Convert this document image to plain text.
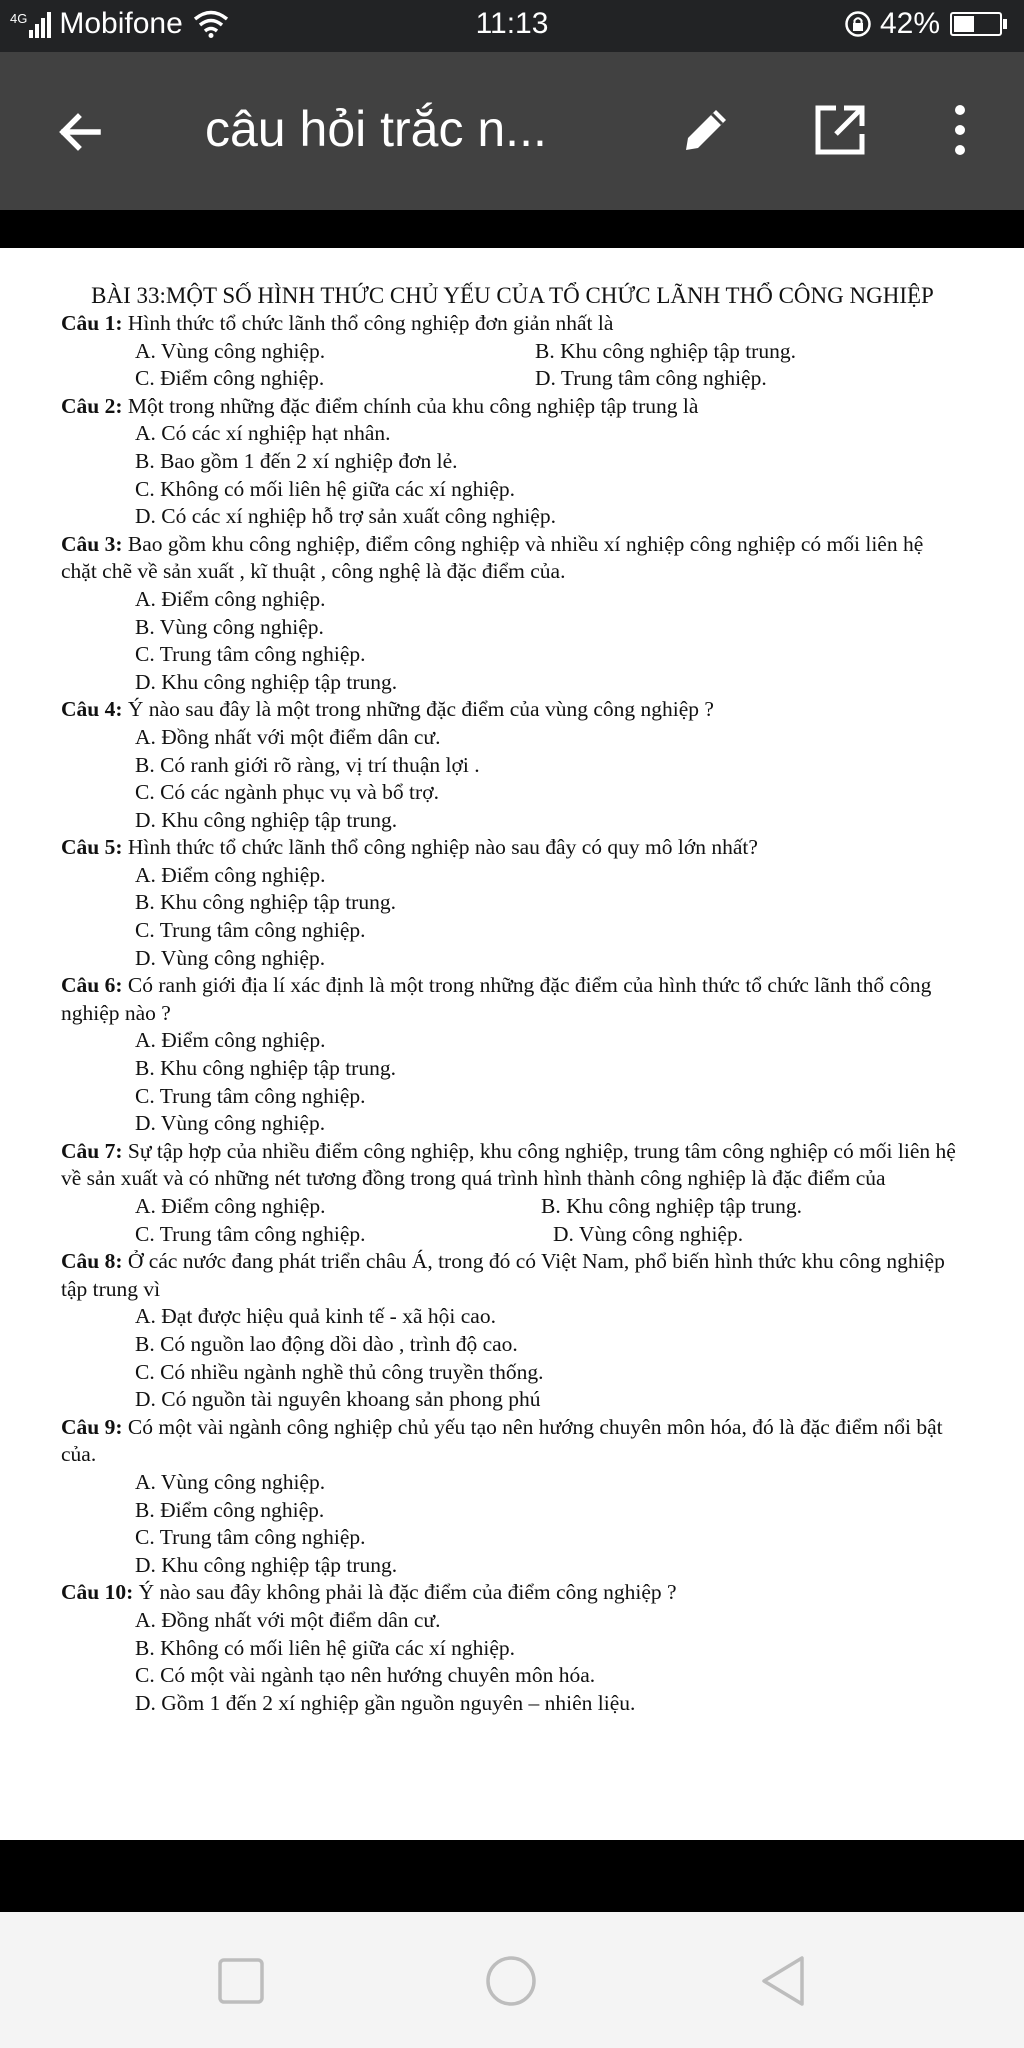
4G Mobifone	11:13	42%
câu hỏi trắc n...
BÀI 33:MỘT SỐ HÌNH THỨC CHỦ YẾU CỦA TỔ CHỨC LÃNH THỔ CÔNG NGHIỆP

Câu 1: Hình thức tổ chức lãnh thổ công nghiệp đơn giản nhất là

A. Vùng công nghiệp.	B. Khu công nghiệp tập trung.
C. Điểm công nghiệp.	D. Trung tâm công nghiệp.

Câu 2: Một trong những đặc điểm chính của khu công nghiệp tập trung là

A. Có các xí nghiệp hạt nhân.
B. Bao gồm 1 đến 2 xí nghiệp đơn lẻ.
C. Không có mối liên hệ giữa các xí nghiệp.
D. Có các xí nghiệp hỗ trợ sản xuất công nghiệp.

Câu 3: Bao gồm khu công nghiệp, điểm công nghiệp và nhiều xí nghiệp công nghiệp có mối liên hệ chặt chẽ về sản xuất , kĩ thuật , công nghệ là đặc điểm của.

A. Điểm công nghiệp.
B. Vùng công nghiệp.
C. Trung tâm công nghiệp.
D. Khu công nghiệp tập trung.

Câu 4: Ý nào sau đây là một trong những đặc điểm của vùng công nghiệp ?

A. Đồng nhất với một điểm dân cư.
B. Có ranh giới rõ ràng, vị trí thuận lợi .
C. Có các ngành phục vụ và bổ trợ.
D. Khu công nghiệp tập trung.

Câu 5: Hình thức tổ chức lãnh thổ công nghiệp nào sau đây có quy mô lớn nhất?

A. Điểm công nghiệp.
B. Khu công nghiệp tập trung.
C. Trung tâm công nghiệp.
D. Vùng công nghiệp.

Câu 6: Có ranh giới địa lí xác định là một trong những đặc điểm của hình thức tổ chức lãnh thổ công nghiệp nào ?

A. Điểm công nghiệp.
B. Khu công nghiệp tập trung.
C. Trung tâm công nghiệp.
D. Vùng công nghiệp.

Câu 7: Sự tập hợp của nhiều điểm công nghiệp, khu công nghiệp, trung tâm công nghiệp có mối liên hệ về sản xuất và có những nét tương đồng trong quá trình hình thành công nghiệp là đặc điểm của

A. Điểm công nghiệp.	B. Khu công nghiệp tập trung.
C. Trung tâm công nghiệp.	D. Vùng công nghiệp.

Câu 8: Ở các nước đang phát triển châu Á, trong đó có Việt Nam, phổ biến hình thức khu công nghiệp tập trung vì

A. Đạt được hiệu quả kinh tế - xã hội cao.
B. Có nguồn lao động dồi dào , trình độ cao.
C. Có nhiều ngành nghề thủ công truyền thống.
D. Có nguồn tài nguyên khoang sản phong phú

Câu 9: Có một vài ngành công nghiệp chủ yếu tạo nên hướng chuyên môn hóa, đó là đặc điểm nổi bật của.

A. Vùng công nghiệp.
B. Điểm công nghiệp.
C. Trung tâm công nghiệp.
D. Khu công nghiệp tập trung.

Câu 10: Ý nào sau đây không phải là đặc điểm của điểm công nghiệp ?

A. Đồng nhất với một điểm dân cư.
B. Không có mối liên hệ giữa các xí nghiệp.
C. Có một vài ngành tạo nên hướng chuyên môn hóa.
D. Gồm 1 đến 2 xí nghiệp gần nguồn nguyên – nhiên liệu.
